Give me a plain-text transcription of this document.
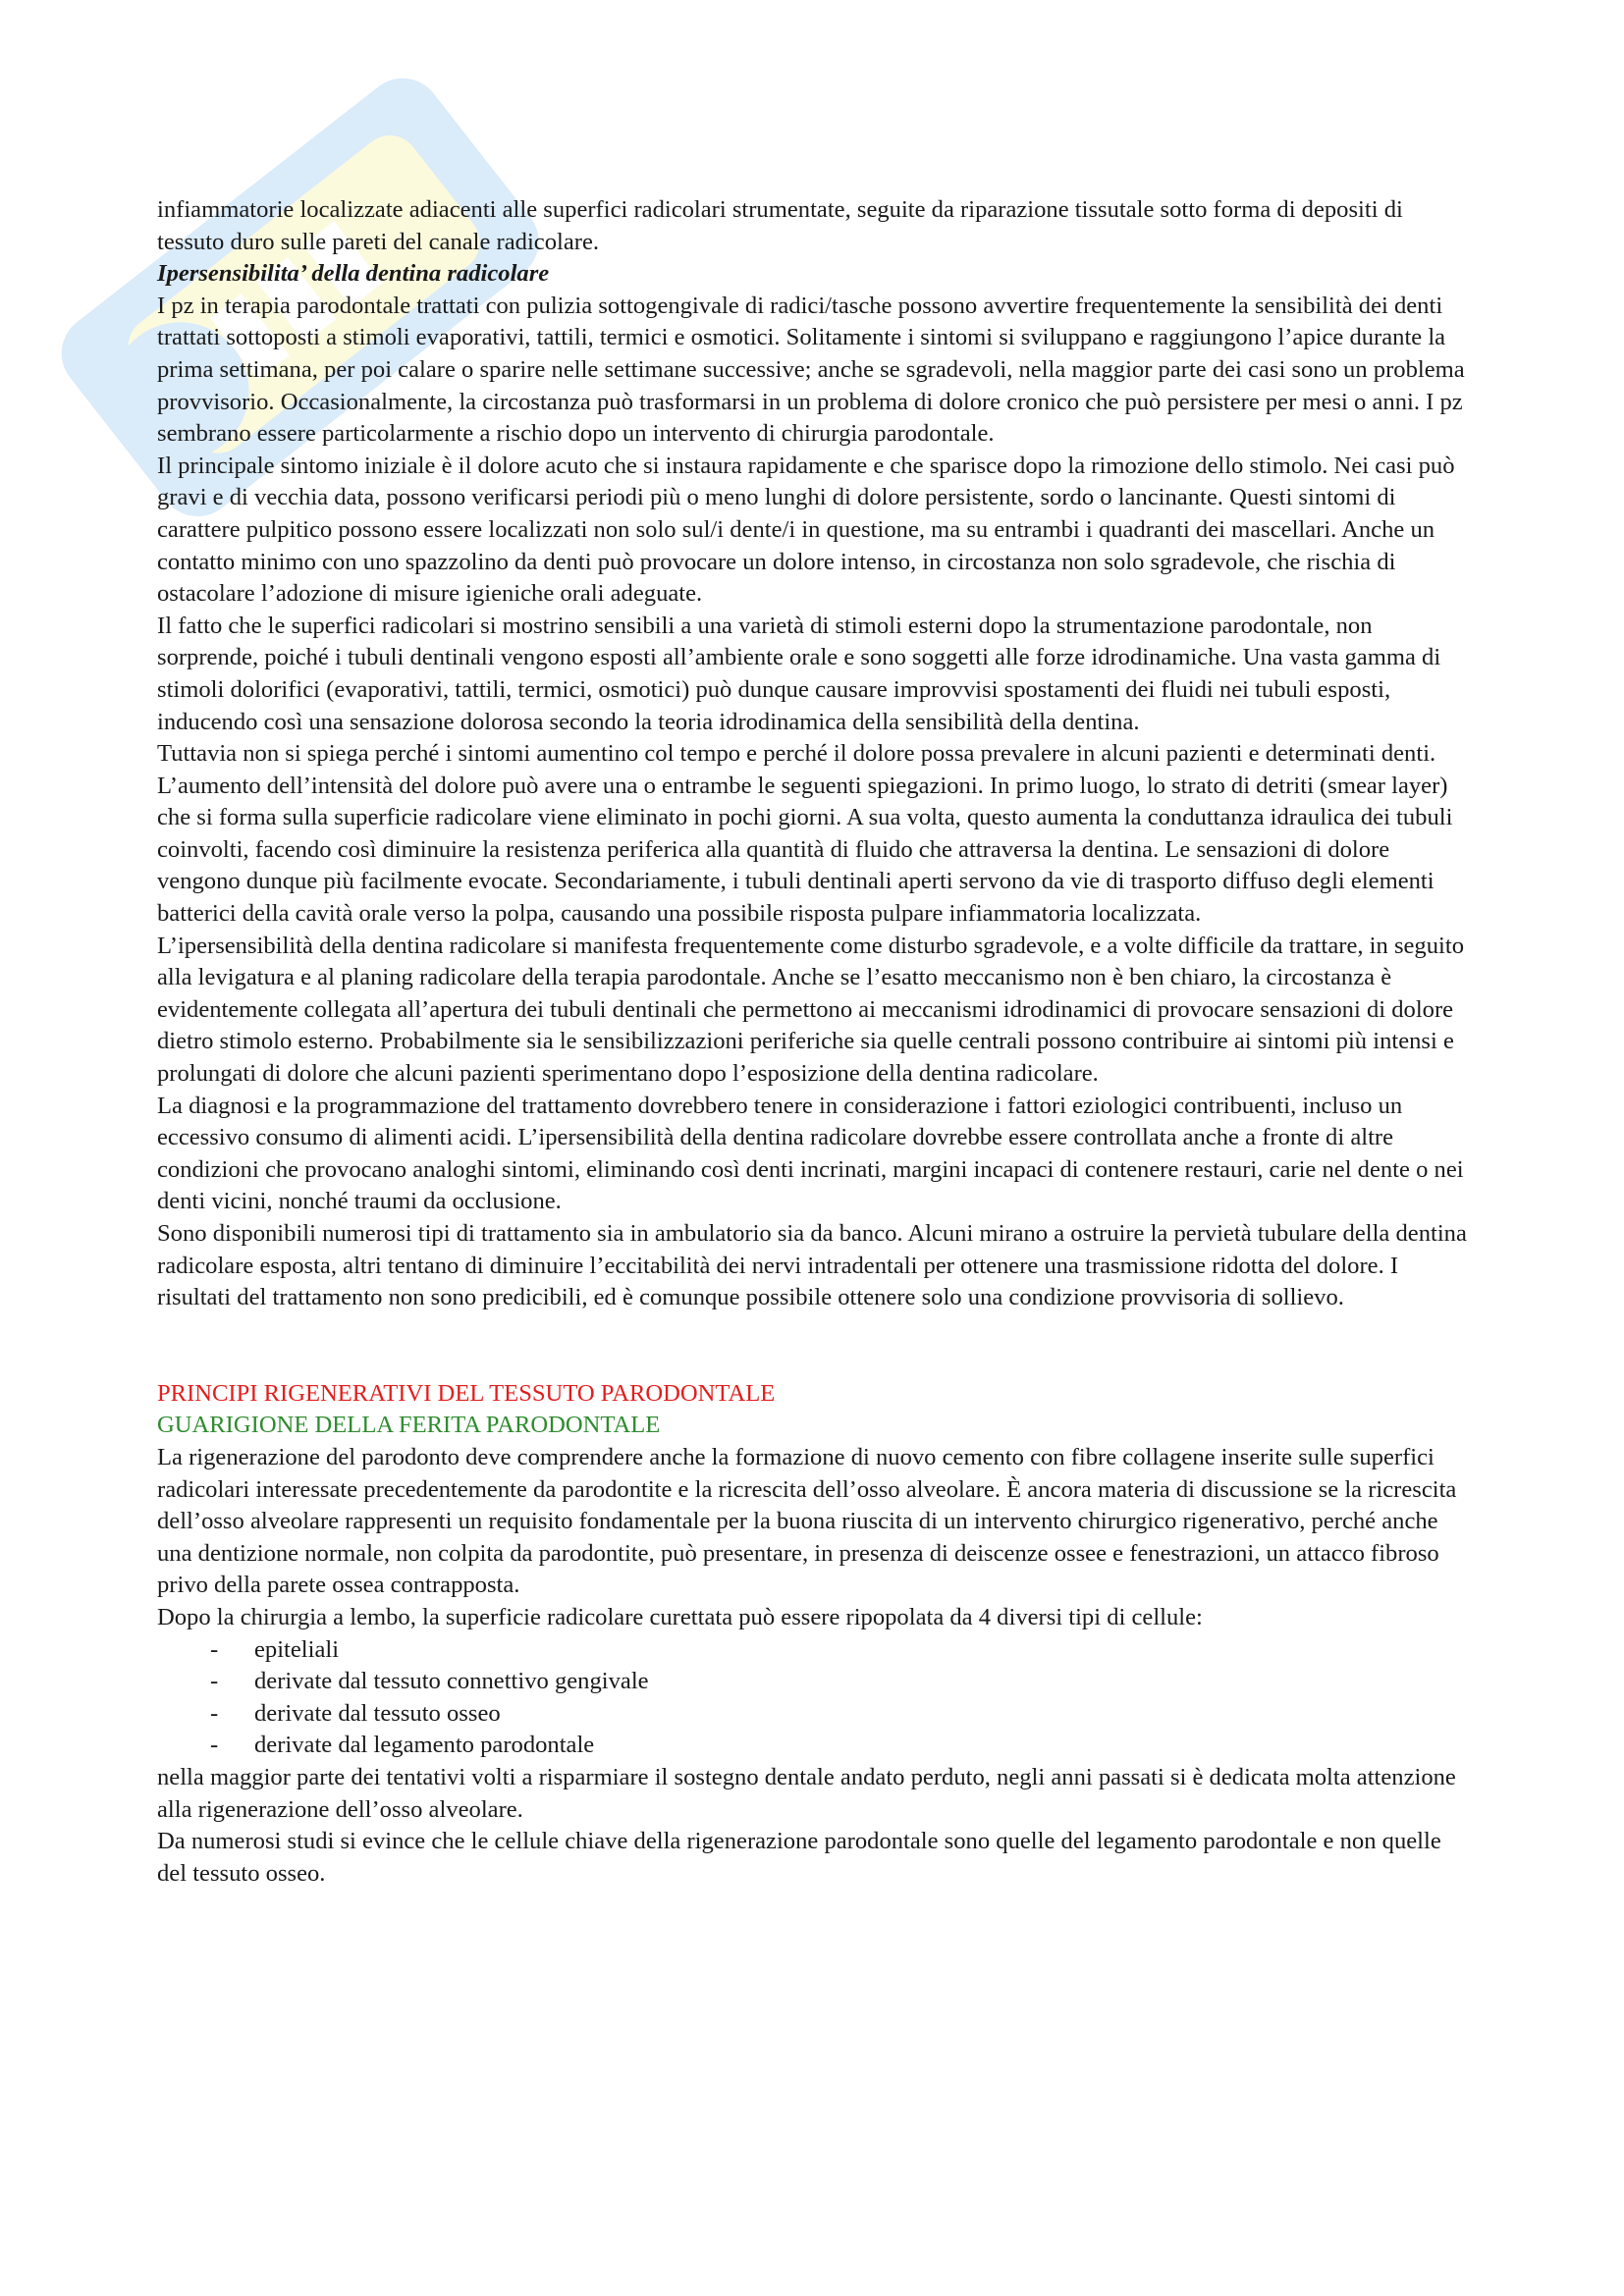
infiammatorie localizzate adiacenti alle superfici radicolari strumentate, seguite da riparazione tissutale sotto forma di depositi di tessuto duro sulle pareti del canale radicolare.

Ipersensibilita’ della dentina radicolare

I pz in terapia parodontale trattati con pulizia sottogengivale di radici/tasche possono avvertire frequentemente la sensibilità dei denti trattati sottoposti a stimoli evaporativi, tattili, termici e osmotici. Solitamente i sintomi si sviluppano e raggiungono l’apice durante la prima settimana, per poi calare o sparire nelle settimane successive; anche se sgradevoli, nella maggior parte dei casi sono un problema provvisorio. Occasionalmente, la circostanza può trasformarsi in un problema di dolore cronico che può persistere per mesi o anni. I pz sembrano essere particolarmente a rischio dopo un intervento di chirurgia parodontale.

Il principale sintomo iniziale è il dolore acuto che si instaura rapidamente e che sparisce dopo la rimozione dello stimolo. Nei casi può gravi e di vecchia data, possono verificarsi periodi più o meno lunghi di dolore persistente, sordo o lancinante. Questi sintomi di carattere pulpitico possono essere localizzati non solo sul/i dente/i in questione, ma su entrambi i quadranti dei mascellari. Anche un contatto minimo con uno spazzolino da denti può provocare un dolore intenso, in circostanza non solo sgradevole, che rischia di ostacolare l’adozione di misure igieniche orali adeguate.

Il fatto che le superfici radicolari si mostrino sensibili a una varietà di stimoli esterni dopo la strumentazione parodontale, non sorprende, poiché i tubuli dentinali vengono esposti all’ambiente orale e sono soggetti alle forze idrodinamiche. Una vasta gamma di stimoli dolorifici (evaporativi, tattili, termici, osmotici) può dunque causare improvvisi spostamenti dei fluidi nei tubuli esposti, inducendo così una sensazione dolorosa secondo la teoria idrodinamica della sensibilità della dentina.

Tuttavia non si spiega perché i sintomi aumentino col tempo e perché il dolore possa prevalere in alcuni pazienti e determinati denti. L’aumento dell’intensità del dolore può avere una o entrambe le seguenti spiegazioni. In primo luogo, lo strato di detriti (smear layer) che si forma sulla superficie radicolare viene eliminato in pochi giorni. A sua volta, questo aumenta la conduttanza idraulica dei tubuli coinvolti, facendo così diminuire la resistenza periferica alla quantità di fluido che attraversa la dentina. Le sensazioni di dolore vengono dunque più facilmente evocate. Secondariamente, i tubuli dentinali aperti servono da vie di trasporto diffuso degli elementi batterici della cavità orale verso la polpa, causando una possibile risposta pulpare infiammatoria localizzata.

L’ipersensibilità della dentina radicolare si manifesta frequentemente come disturbo sgradevole, e a volte difficile da trattare, in seguito alla levigatura e al planing radicolare della terapia parodontale. Anche se l’esatto meccanismo non è ben chiaro, la circostanza è evidentemente collegata all’apertura dei tubuli dentinali che permettono ai meccanismi idrodinamici di provocare sensazioni di dolore dietro stimolo esterno. Probabilmente sia le sensibilizzazioni periferiche sia quelle centrali possono contribuire ai sintomi più intensi e prolungati di dolore che alcuni pazienti sperimentano dopo l’esposizione della dentina radicolare.

La diagnosi e la programmazione del trattamento dovrebbero tenere in considerazione i fattori eziologici contribuenti, incluso un eccessivo consumo di alimenti acidi. L’ipersensibilità della dentina radicolare dovrebbe essere controllata anche a fronte di altre condizioni che provocano analoghi sintomi, eliminando così denti incrinati, margini incapaci di contenere restauri, carie nel dente o nei denti vicini, nonché traumi da occlusione.

Sono disponibili numerosi tipi di trattamento sia in ambulatorio sia da banco. Alcuni mirano a ostruire la pervietà tubulare della dentina radicolare esposta, altri tentano di diminuire l’eccitabilità dei nervi intradentali per ottenere una trasmissione ridotta del dolore. I risultati del trattamento non sono predicibili, ed è comunque possibile ottenere solo una condizione provvisoria di sollievo.

PRINCIPI RIGENERATIVI DEL TESSUTO PARODONTALE

GUARIGIONE DELLA FERITA PARODONTALE

La rigenerazione del parodonto deve comprendere anche la formazione di nuovo cemento con fibre collagene inserite sulle superfici radicolari interessate precedentemente da parodontite e la ricrescita dell’osso alveolare. È ancora materia di discussione se la ricrescita dell’osso alveolare rappresenti un requisito fondamentale per la buona riuscita di un intervento chirurgico rigenerativo, perché anche una dentizione normale, non colpita da parodontite, può presentare, in presenza di deiscenze ossee e fenestrazioni, un attacco fibroso privo della parete ossea contrapposta.

Dopo la chirurgia a lembo, la superficie radicolare curettata può essere ripopolata da 4 diversi tipi di cellule:

- epiteliali
- derivate dal tessuto connettivo gengivale
- derivate dal tessuto osseo
- derivate dal legamento parodontale

nella maggior parte dei tentativi volti a risparmiare il sostegno dentale andato perduto, negli anni passati si è dedicata molta attenzione alla rigenerazione dell’osso alveolare.

Da numerosi studi si evince che le cellule chiave della rigenerazione parodontale sono quelle del legamento parodontale e non quelle del tessuto osseo.
